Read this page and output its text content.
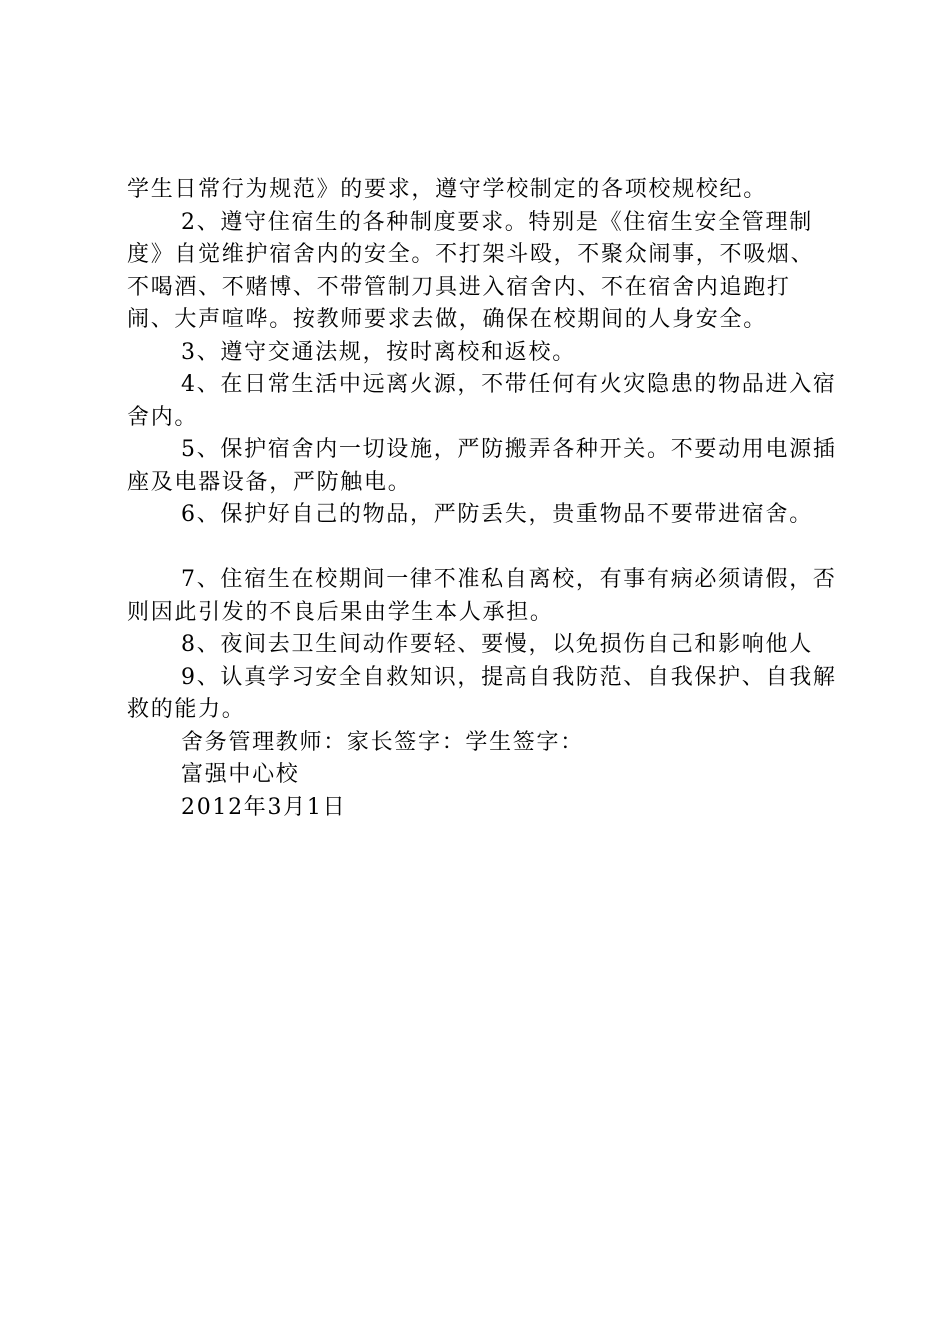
学生日常行为规范》的要求，遵守学校制定的各项校规校纪。

2、遵守住宿生的各种制度要求。特别是《住宿生安全管理制度》自觉维护宿舍内的安全。不打架斗殴，不聚众闹事，不吸烟、不喝酒、不赌博、不带管制刀具进入宿舍内、不在宿舍内追跑打闹、大声喧哗。按教师要求去做，确保在校期间的人身安全。

3、遵守交通法规，按时离校和返校。

4、在日常生活中远离火源，不带任何有火灾隐患的物品进入宿舍内。

5、保护宿舍内一切设施，严防搬弄各种开关。不要动用电源插座及电器设备，严防触电。

6、保护好自己的物品，严防丢失，贵重物品不要带进宿舍。

7、住宿生在校期间一律不准私自离校，有事有病必须请假，否则因此引发的不良后果由学生本人承担。

8、夜间去卫生间动作要轻、要慢，以免损伤自己和影响他人

9、认真学习安全自救知识，提高自我防范、自我保护、自我解救的能力。

舍务管理教师：家长签字：学生签字：

富强中心校

2012年3月1日
